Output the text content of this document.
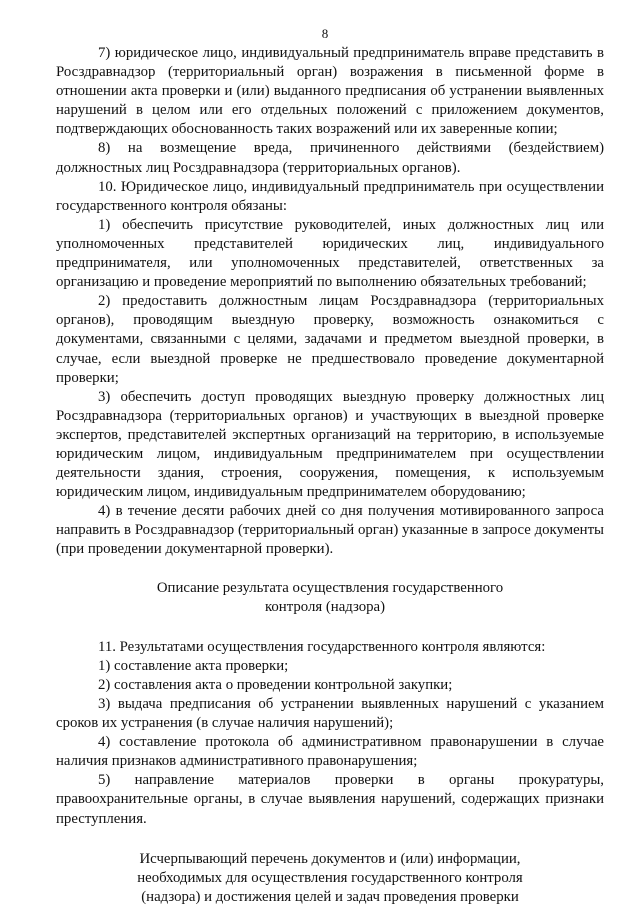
8

7) юридическое лицо, индивидуальный предприниматель вправе представить в Росздравнадзор (территориальный орган) возражения в письменной форме в отношении акта проверки и (или) выданного предписания об устранении выявленных нарушений в целом или его отдельных положений с приложением документов, подтверждающих обоснованность таких возражений или их заверенные копии;

8) на возмещение вреда, причиненного действиями (бездействием) должностных лиц Росздравнадзора (территориальных органов).

10. Юридическое лицо, индивидуальный предприниматель при осуществлении государственного контроля обязаны:

1) обеспечить присутствие руководителей, иных должностных лиц или уполномоченных представителей юридических лиц, индивидуального предпринимателя, или уполномоченных представителей, ответственных за организацию и проведение мероприятий по выполнению обязательных требований;

2) предоставить должностным лицам Росздравнадзора (территориальных органов), проводящим выездную проверку, возможность ознакомиться с документами, связанными с целями, задачами и предметом выездной проверки, в случае, если выездной проверке не предшествовало проведение документарной проверки;

3) обеспечить доступ проводящих выездную проверку должностных лиц Росздравнадзора (территориальных органов) и участвующих в выездной проверке экспертов, представителей экспертных организаций на территорию, в используемые юридическим лицом, индивидуальным предпринимателем при осуществлении деятельности здания, строения, сооружения, помещения, к используемым юридическим лицом, индивидуальным предпринимателем оборудованию;

4) в течение десяти рабочих дней со дня получения мотивированного запроса направить в Росздравнадзор (территориальный орган) указанные в запросе документы (при проведении документарной проверки).

Описание результата осуществления государственного

контроля (надзора)

11. Результатами осуществления государственного контроля являются:

1) составление акта проверки;

2) составления акта о проведении контрольной закупки;

3) выдача предписания об устранении выявленных нарушений с указанием сроков их устранения (в случае наличия нарушений);

4) составление протокола об административном правонарушении в случае наличия признаков административного правонарушения;

5) направление материалов проверки в органы прокуратуры, правоохранительные органы, в случае выявления нарушений, содержащих признаки преступления.

Исчерпывающий перечень документов и (или) информации,

необходимых для осуществления государственного контроля

(надзора) и достижения целей и задач проведения проверки
